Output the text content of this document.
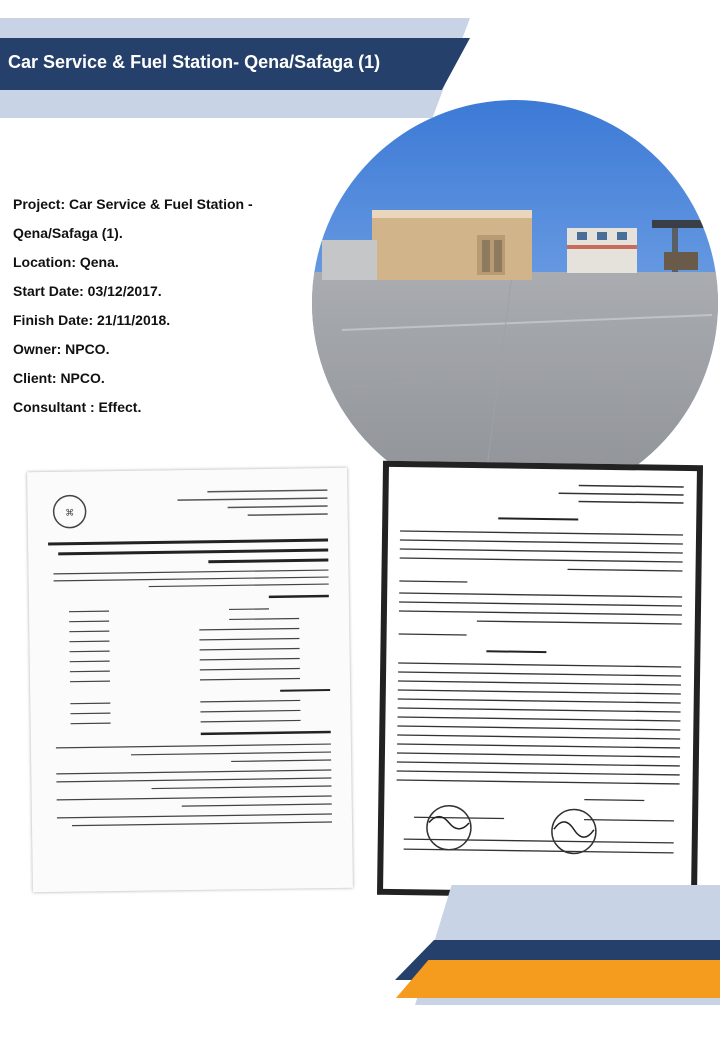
Car Service & Fuel Station- Qena/Safaga (1)
Project: Car Service & Fuel Station -
Qena/Safaga (1).
Location: Qena.
Start Date: 03/12/2017.
Finish Date: 21/11/2018.
Owner: NPCO.
Client: NPCO.
Consultant : Effect.
⌘
